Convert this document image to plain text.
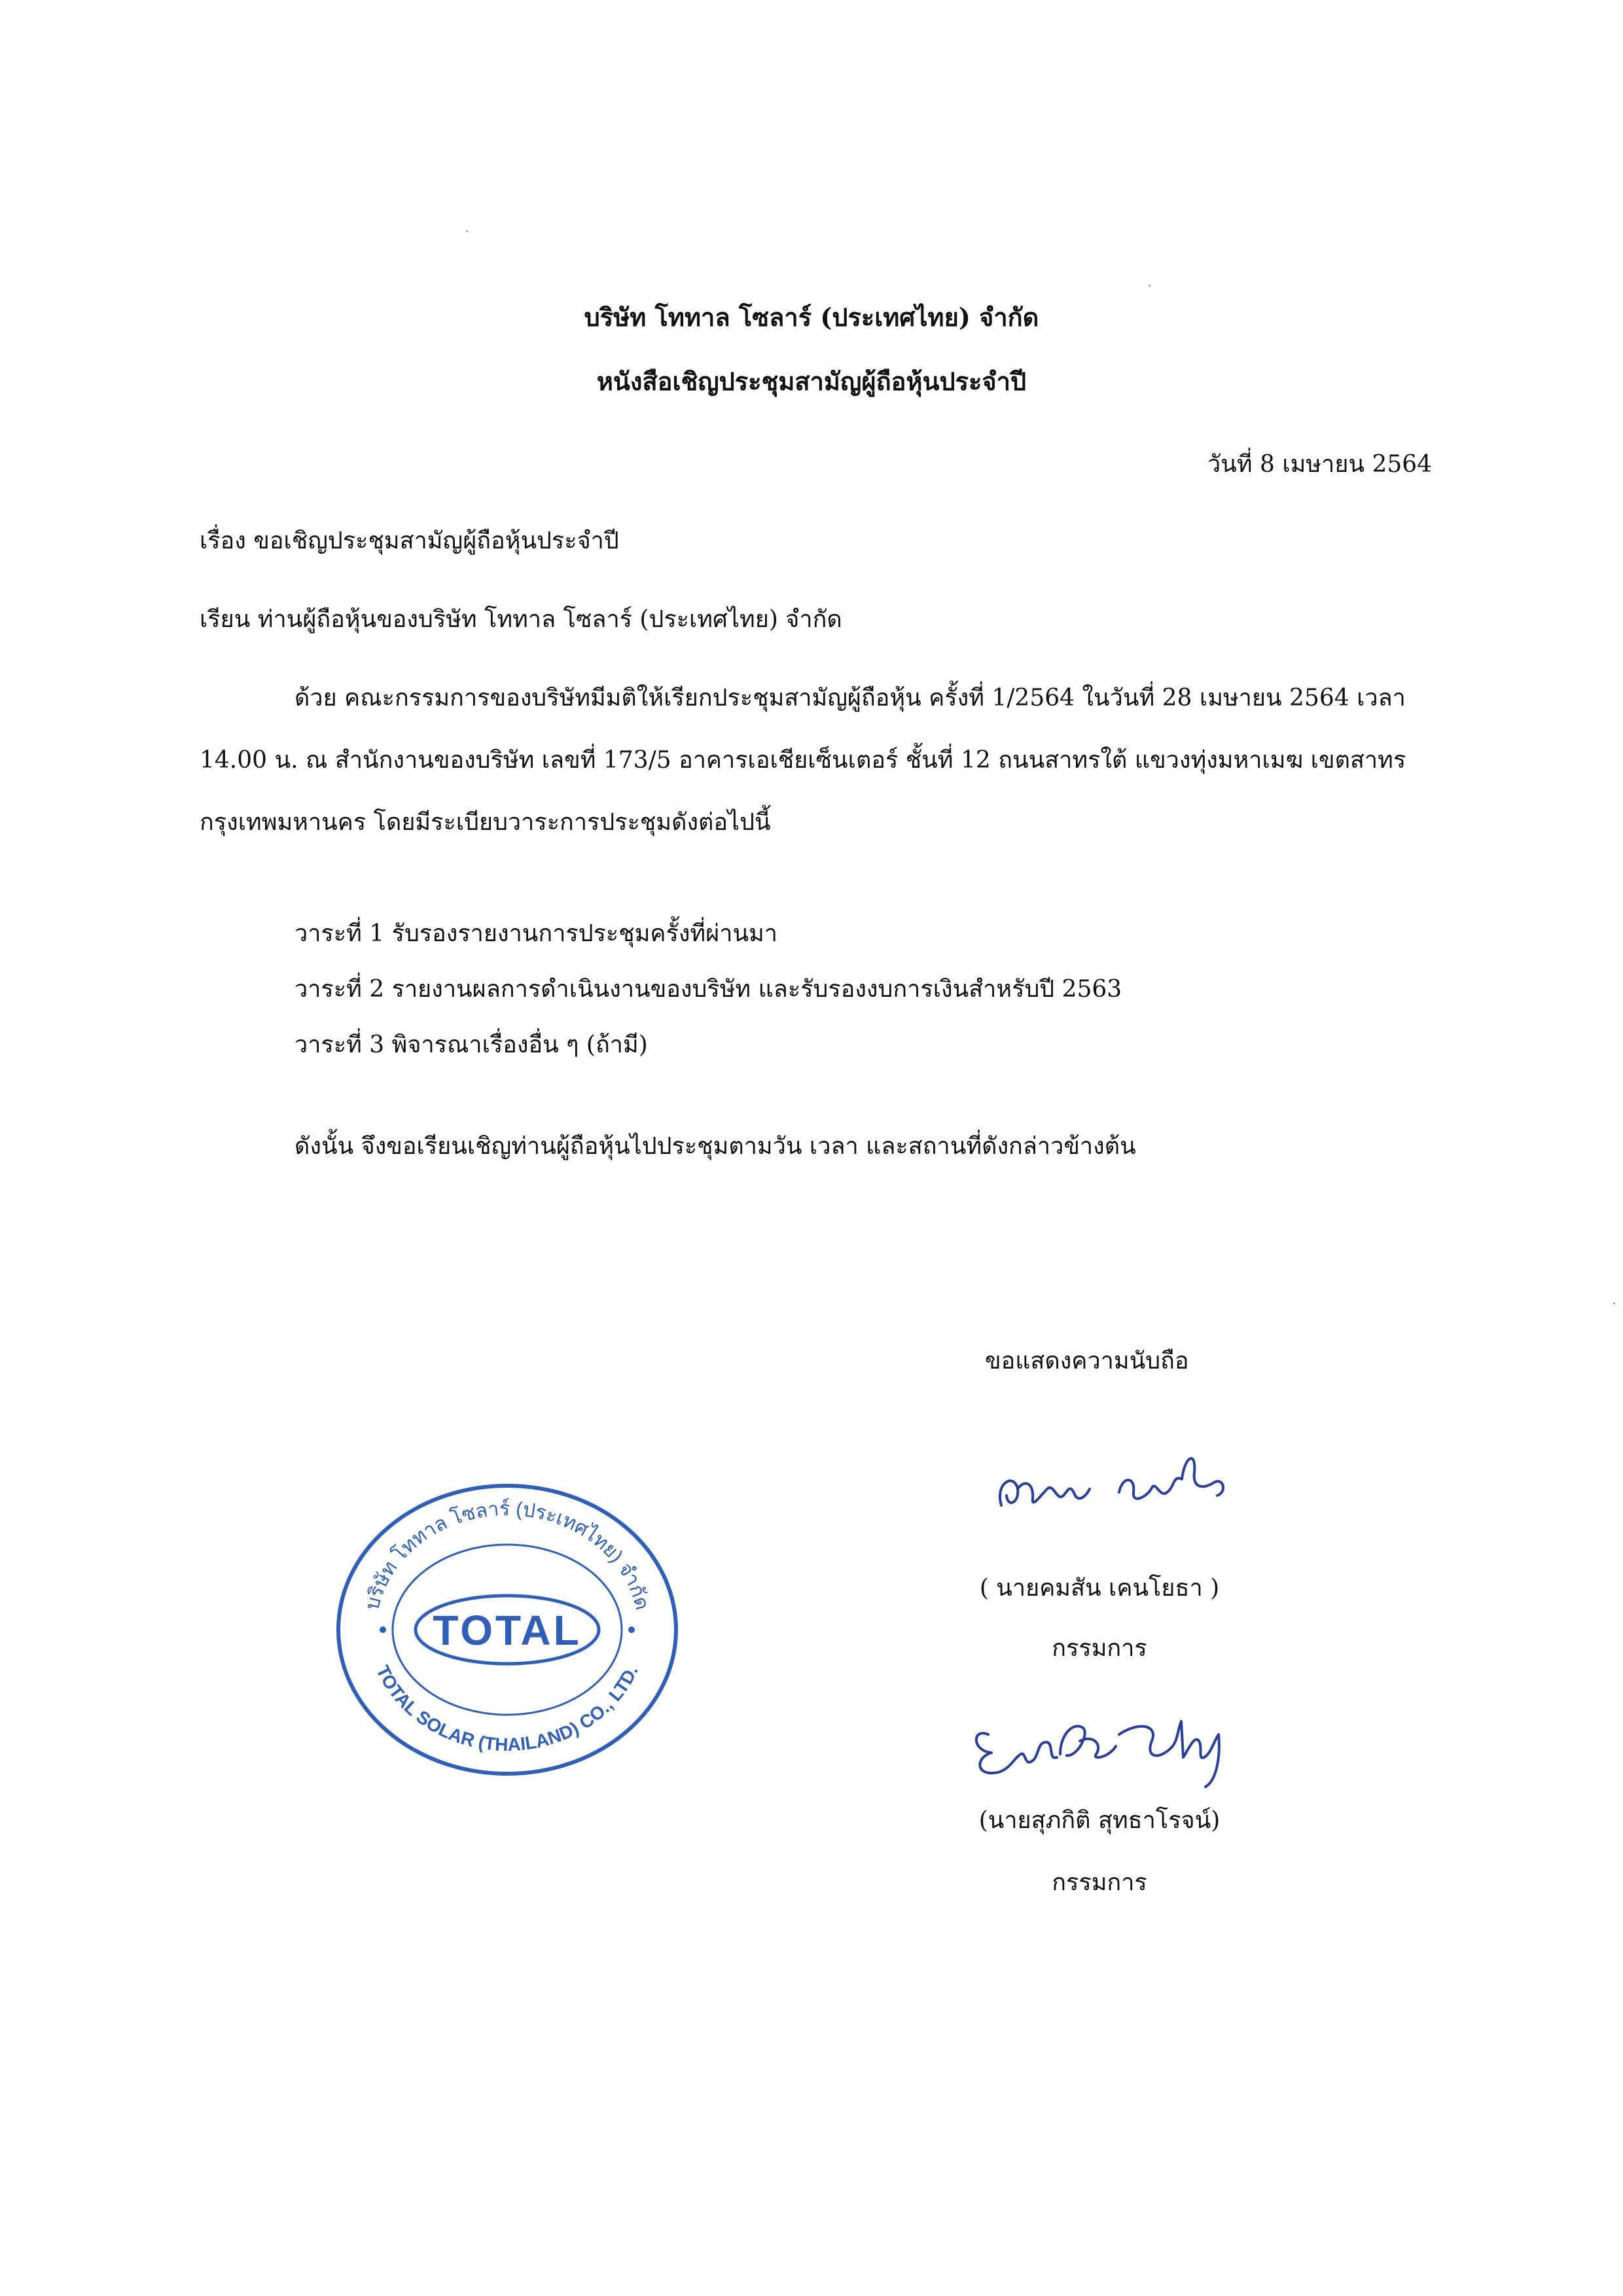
บริษัท โททาล โซลาร์ (ประเทศไทย) จำกัด
หนังสือเชิญประชุมสามัญผู้ถือหุ้นประจำปี
วันที่ 8 เมษายน 2564
เรื่อง ขอเชิญประชุมสามัญผู้ถือหุ้นประจำปี
เรียน ท่านผู้ถือหุ้นของบริษัท โททาล โซลาร์ (ประเทศไทย) จำกัด
ด้วย คณะกรรมการของบริษัทมีมติให้เรียกประชุมสามัญผู้ถือหุ้น ครั้งที่ 1/2564 ในวันที่ 28 เมษายน 2564 เวลา
14.00 น. ณ สำนักงานของบริษัท เลขที่ 173/5 อาคารเอเชียเซ็นเตอร์ ชั้นที่ 12 ถนนสาทรใต้ แขวงทุ่งมหาเมฆ เขตสาทร
กรุงเทพมหานคร โดยมีระเบียบวาระการประชุมดังต่อไปนี้
วาระที่ 1 รับรองรายงานการประชุมครั้งที่ผ่านมา
วาระที่ 2 รายงานผลการดำเนินงานของบริษัท และรับรองงบการเงินสำหรับปี 2563
วาระที่ 3 พิจารณาเรื่องอื่น ๆ (ถ้ามี)
ดังนั้น จึงขอเรียนเชิญท่านผู้ถือหุ้นไปประชุมตามวัน เวลา และสถานที่ดังกล่าวข้างต้น
ขอแสดงความนับถือ
( นายคมสัน เคนโยธา )
กรรมการ
(นายสุภกิติ สุทธาโรจน์)
กรรมการ
บริษัท โททาล โซลาร์ (ประเทศไทย) จำกัด
TOTAL SOLAR (THAILAND) CO., LTD.
TOTAL
